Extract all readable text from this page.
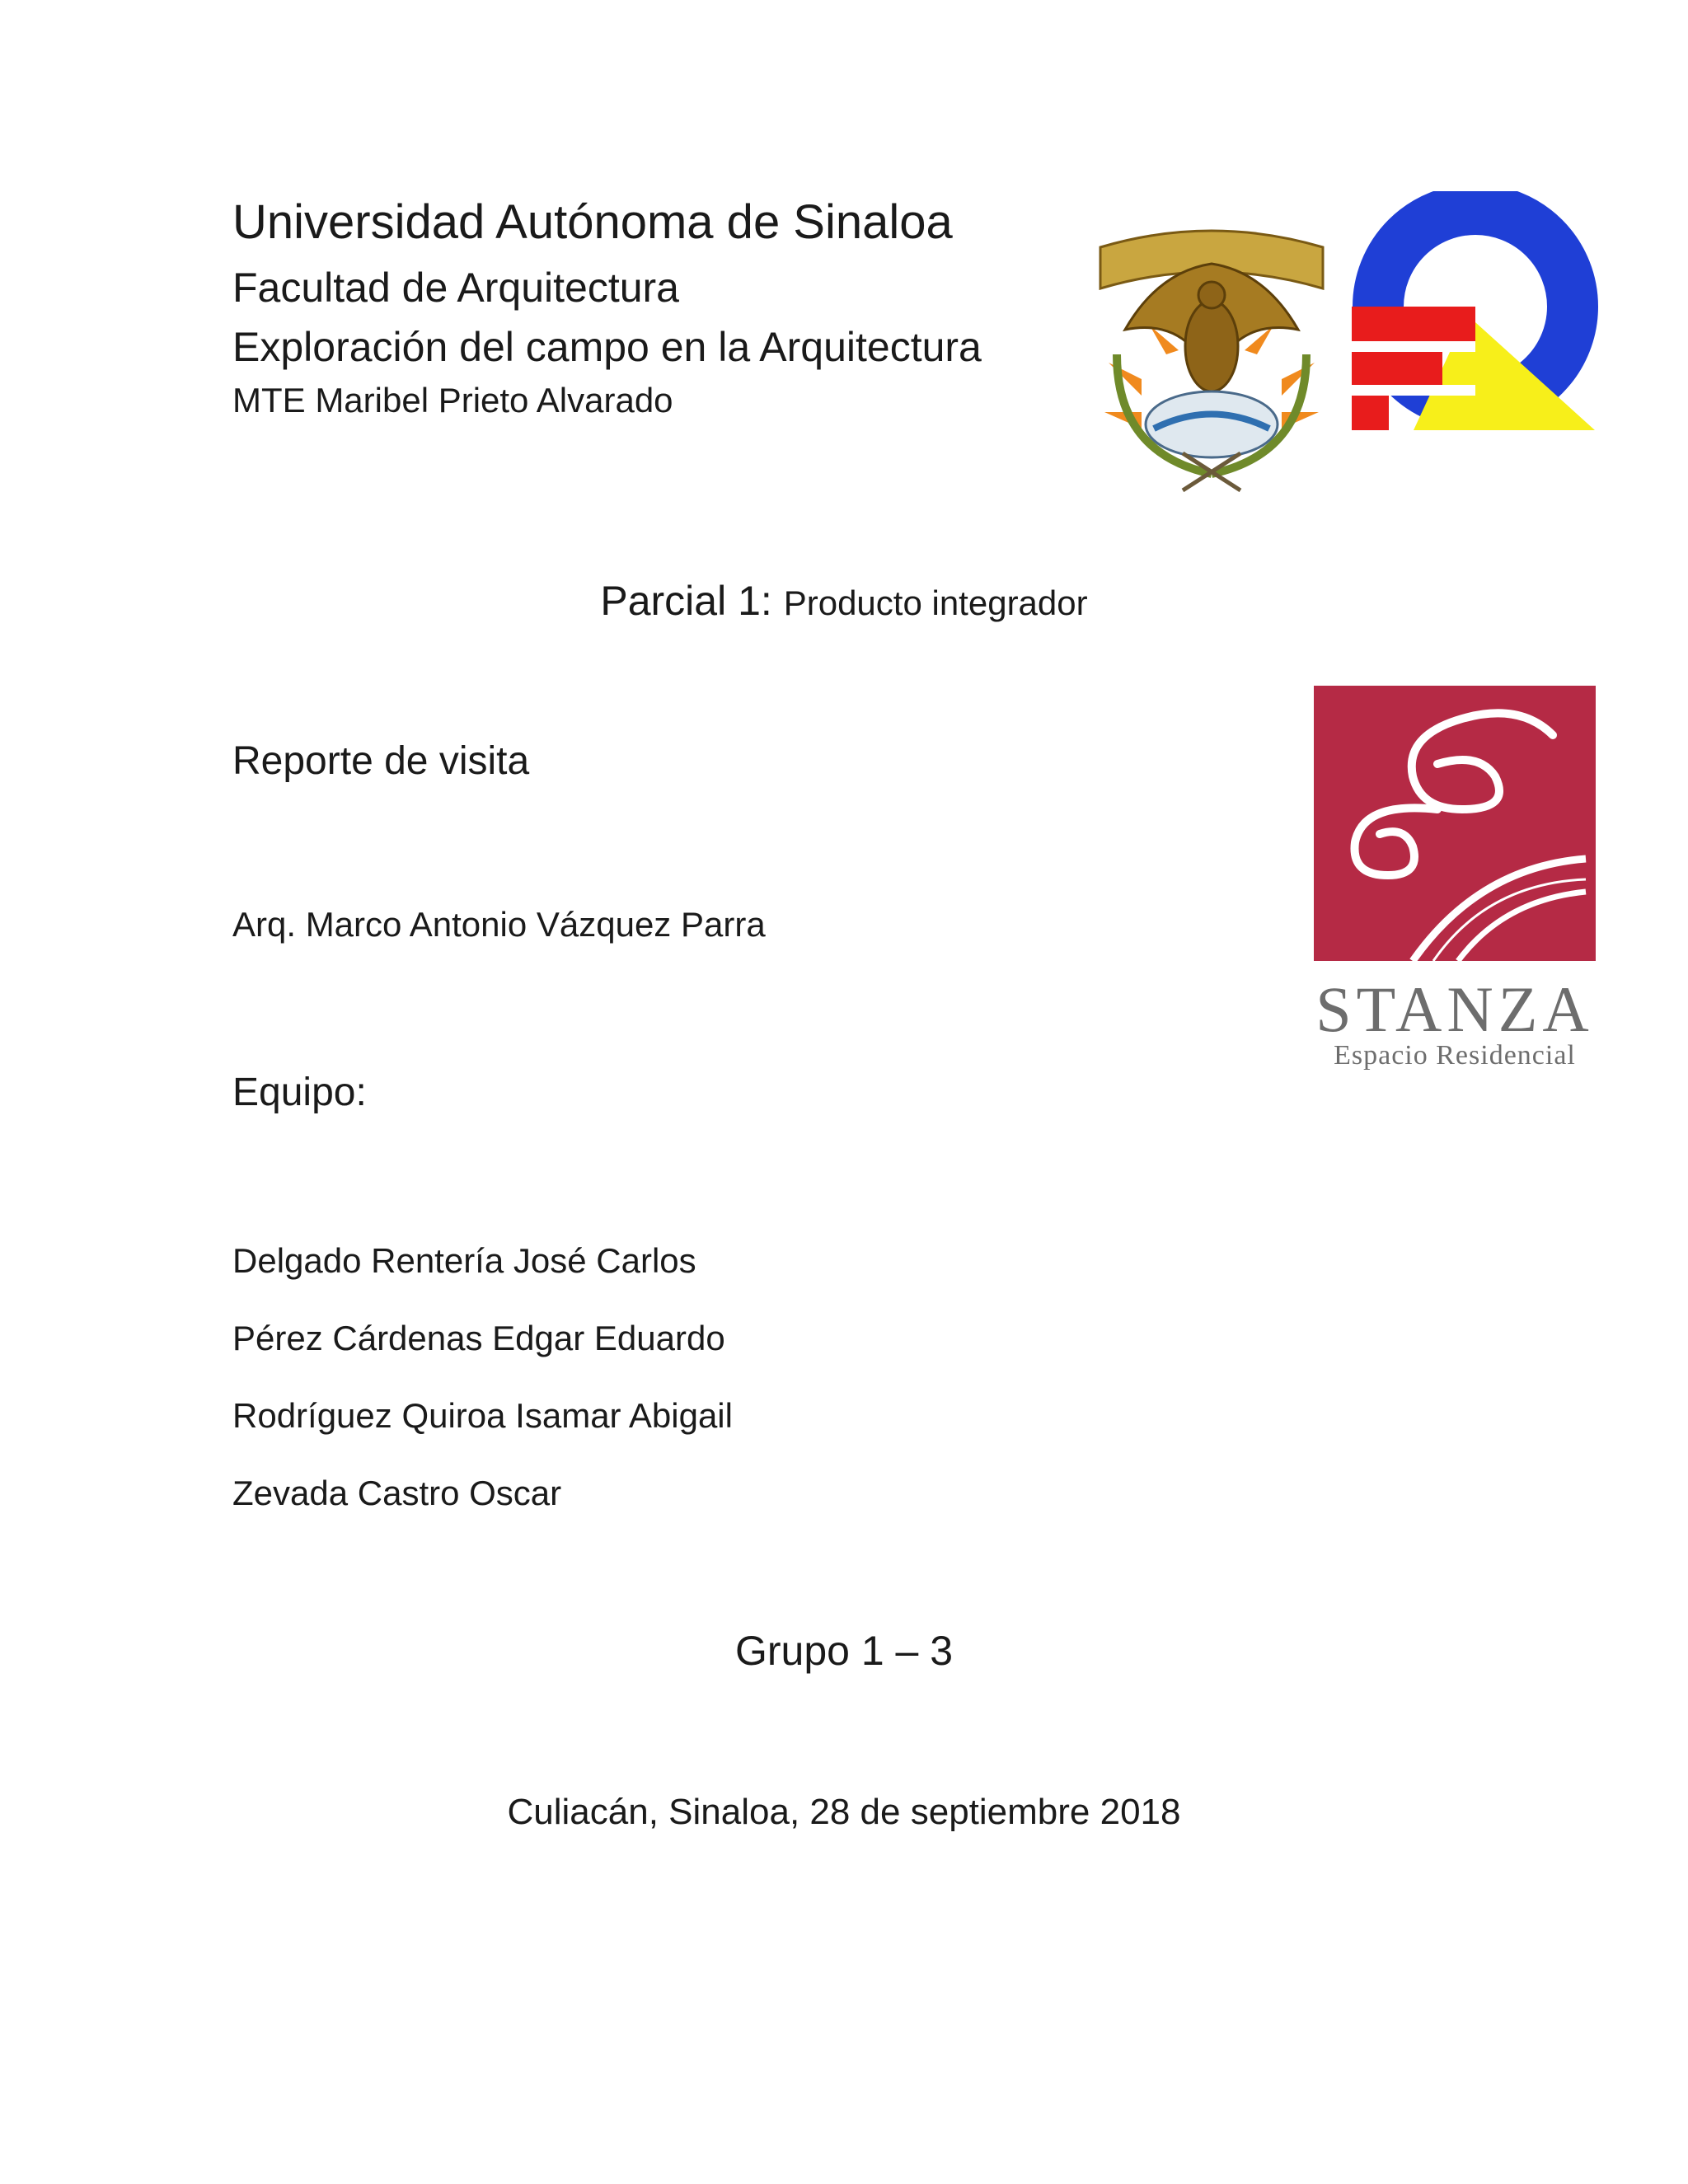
Universidad Autónoma de Sinaloa
Facultad de Arquitectura
Exploración del campo en la Arquitectura
MTE Maribel Prieto Alvarado
Parcial 1: Producto integrador
Reporte de visita
Arq. Marco Antonio Vázquez Parra
Equipo:
Delgado Rentería José Carlos
Pérez Cárdenas Edgar Eduardo
Rodríguez Quiroa Isamar Abigail
Zevada Castro Oscar
Grupo 1 – 3
Culiacán, Sinaloa, 28 de septiembre 2018
STANZA
Espacio Residencial
